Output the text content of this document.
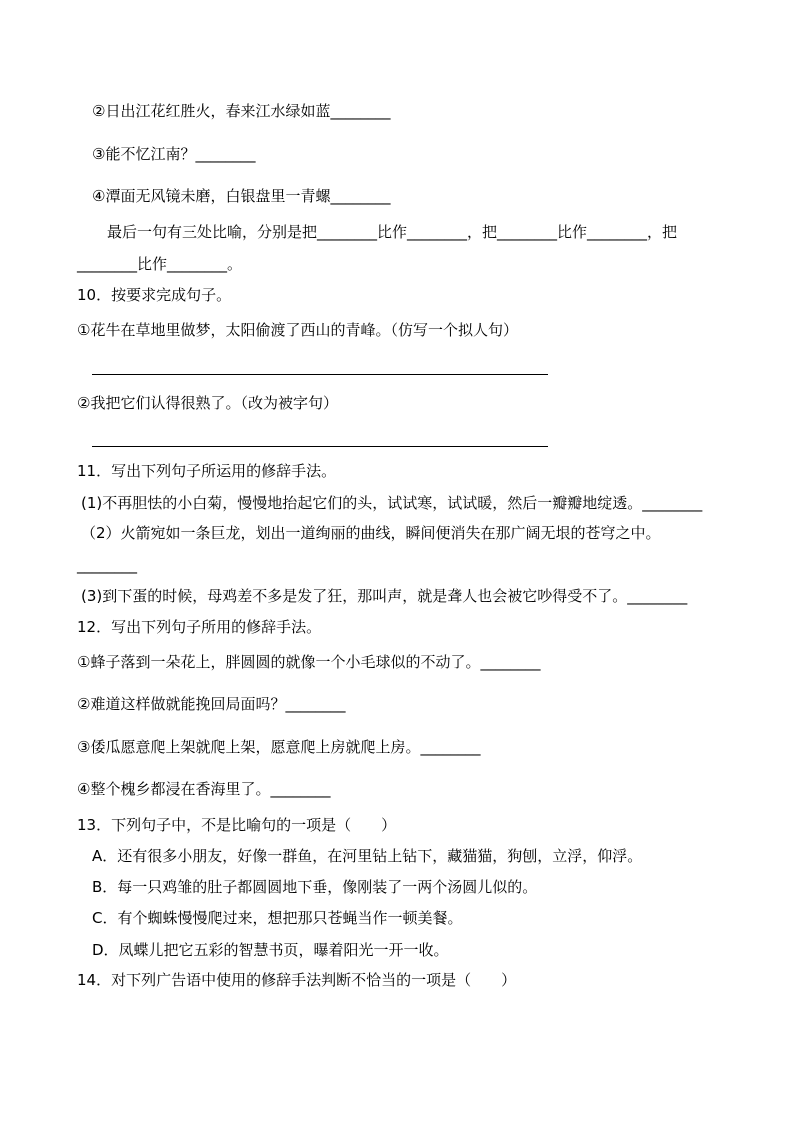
②日出江花红胜火，春来江水绿如蓝________
③能不忆江南？________
④潭面无风镜未磨，白银盘里一青螺________
最后一句有三处比喻，分别是把________比作________，把________比作________，把
________比作________。
10．按要求完成句子。
①花牛在草地里做梦，太阳偷渡了西山的青峰。（仿写一个拟人句）
②我把它们认得很熟了。（改为被字句）
11．写出下列句子所运用的修辞手法。
(1)不再胆怯的小白菊，慢慢地抬起它们的头，试试寒，试试暖，然后一瓣瓣地绽透。________
（2）火箭宛如一条巨龙，划出一道绚丽的曲线，瞬间便消失在那广阔无垠的苍穹之中。
________
(3)到下蛋的时候，母鸡差不多是发了狂，那叫声，就是聋人也会被它吵得受不了。________
12．写出下列句子所用的修辞手法。
①蜂子落到一朵花上，胖圆圆的就像一个小毛球似的不动了。________
②难道这样做就能挽回局面吗？________
③倭瓜愿意爬上架就爬上架，愿意爬上房就爬上房。________
④整个槐乡都浸在香海里了。________
13．下列句子中，不是比喻句的一项是（　　）
A．还有很多小朋友，好像一群鱼，在河里钻上钻下，藏猫猫，狗刨，立浮，仰浮。
B．每一只鸡雏的肚子都圆圆地下垂，像刚装了一两个汤圆儿似的。
C．有个蜘蛛慢慢爬过来，想把那只苍蝇当作一顿美餐。
D．凤蝶儿把它五彩的智慧书页，曝着阳光一开一收。
14．对下列广告语中使用的修辞手法判断不恰当的一项是（　　）
